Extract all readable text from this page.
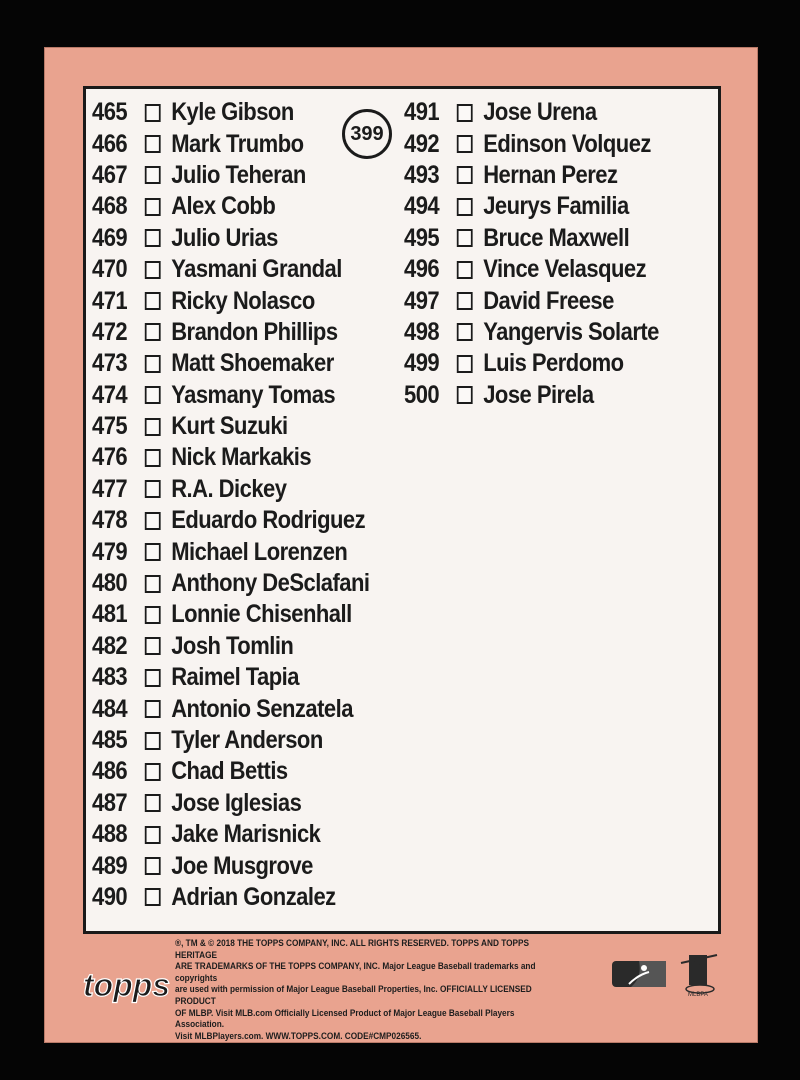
465	Kyle Gibson
466	Mark Trumbo
467	Julio Teheran
468	Alex Cobb
469	Julio Urias
470	Yasmani Grandal
471	Ricky Nolasco
472	Brandon Phillips
473	Matt Shoemaker
474	Yasmany Tomas
475	Kurt Suzuki
476	Nick Markakis
477	R.A. Dickey
478	Eduardo Rodriguez
479	Michael Lorenzen
480	Anthony DeSclafani
481	Lonnie Chisenhall
482	Josh Tomlin
483	Raimel Tapia
484	Antonio Senzatela
485	Tyler Anderson
486	Chad Bettis
487	Jose Iglesias
488	Jake Marisnick
489	Joe Musgrove
490	Adrian Gonzalez
491	Jose Urena
492	Edinson Volquez
493	Hernan Perez
494	Jeurys Familia
495	Bruce Maxwell
496	Vince Velasquez
497	David Freese
498	Yangervis Solarte
499	Luis Perdomo
500	Jose Pirela
399
topps
®, TM & © 2018 THE TOPPS COMPANY, INC. ALL RIGHTS RESERVED. TOPPS AND TOPPS HERITAGE
ARE TRADEMARKS OF THE TOPPS COMPANY, INC. Major League Baseball trademarks and copyrights
are used with permission of Major League Baseball Properties, Inc. OFFICIALLY LICENSED PRODUCT
OF MLBP. Visit MLB.com Officially Licensed Product of Major League Baseball Players Association.
Visit MLBPlayers.com. WWW.TOPPS.COM. CODE#CMP026565.
MLBPA
